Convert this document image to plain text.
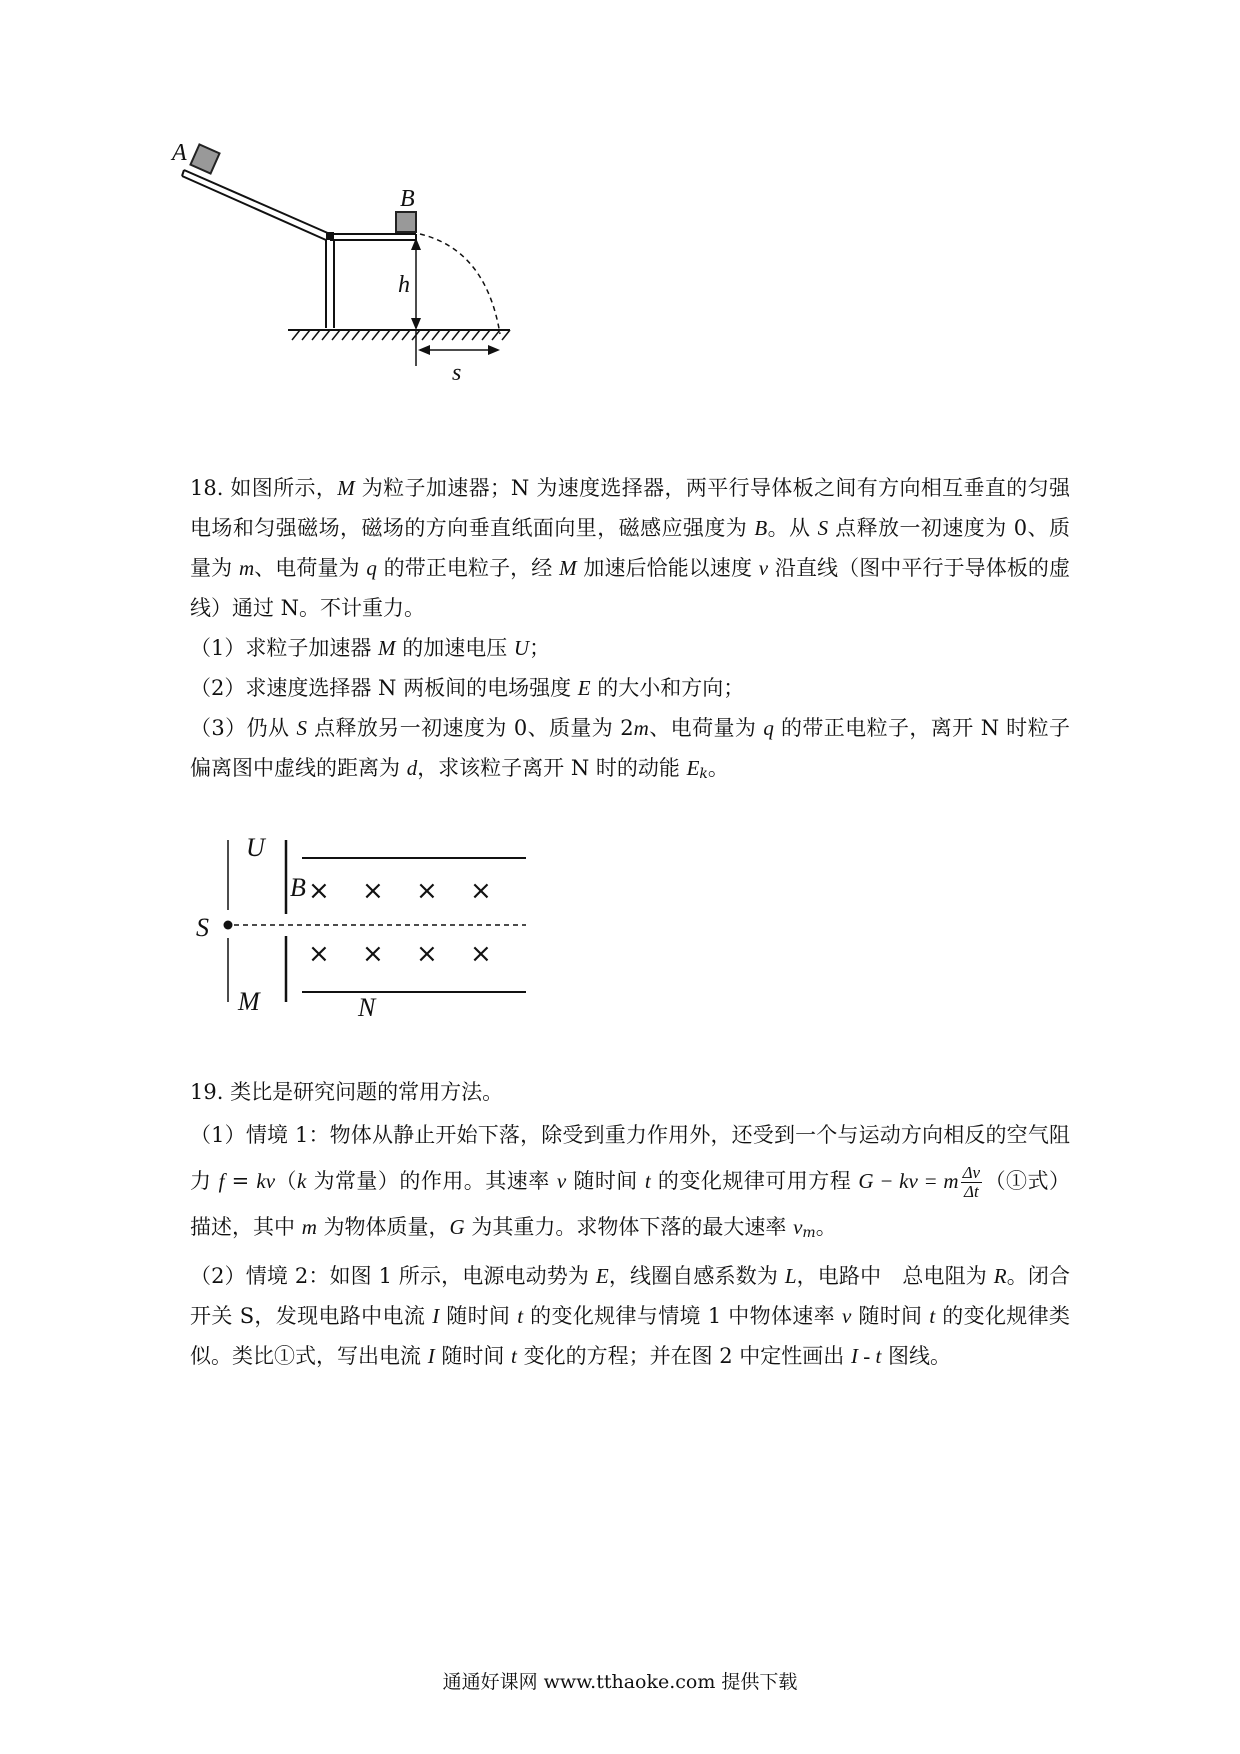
A
B
h
s

18. 如图所示，M 为粒子加速器；N 为速度选择器，两平行导体板之间有方向相互垂直的匀强电场和匀强磁场，磁场的方向垂直纸面向里，磁感应强度为 B。从 S 点释放一初速度为 0、质量为 m、电荷量为 q 的带正电粒子，经 M 加速后恰能以速度 v 沿直线（图中平行于导体板的虚线）通过 N。不计重力。

（1）求粒子加速器 M 的加速电压 U；

（2）求速度选择器 N 两板间的电场强度 E 的大小和方向；

（3）仍从 S 点释放另一初速度为 0、质量为 2m、电荷量为 q 的带正电粒子，离开 N 时粒子偏离图中虚线的距离为 d，求该粒子离开 N 时的动能 Ek。

× × × ×
× × × ×
U
B
S
M	N

19. 类比是研究问题的常用方法。

（1）情境 1：物体从静止开始下落，除受到重力作用外，还受到一个与运动方向相反的空气阻力 f = kv（k 为常量）的作用。其速率 v 随时间 t 的变化规律可用方程 G − kv = m $\frac{\Delta v}{\Delta t}$ （①式）描述，其中 m 为物体质量，G 为其重力。求物体下落的最大速率 vm。

（2）情境 2：如图 1 所示，电源电动势为 E，线圈自感系数为 L，电路中　总电阻为 R。闭合开关 S，发现电路中电流 I 随时间 t 的变化规律与情境 1 中物体速率 v 随时间 t 的变化规律类似。类比①式，写出电流 I 随时间 t 变化的方程；并在图 2 中定性画出 I - t 图线。

通通好课网 www.tthaoke.com 提供下载
